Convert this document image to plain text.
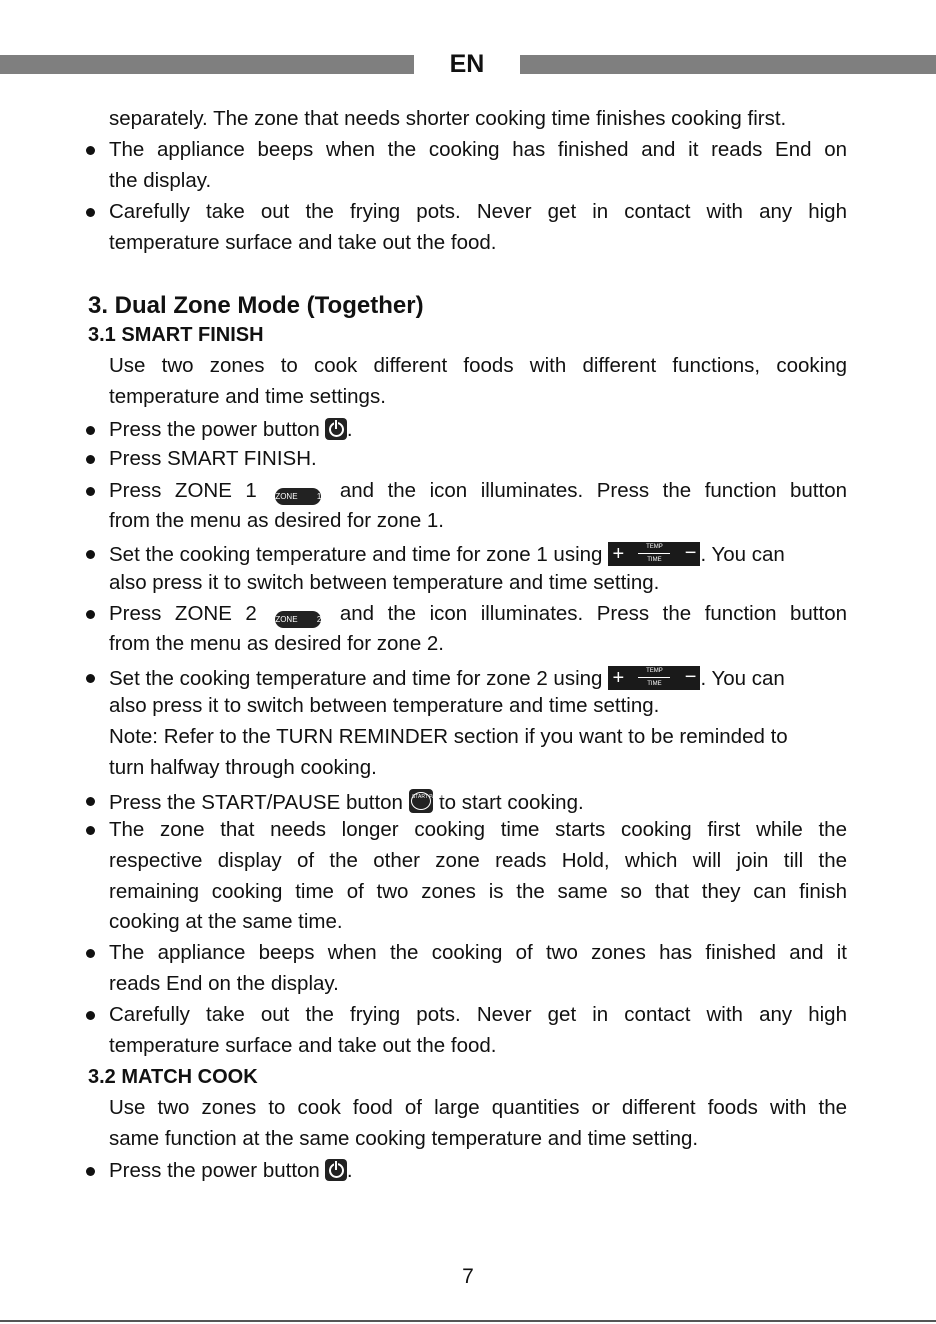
EN
separately. The zone that needs shorter cooking time finishes cooking first.
The appliance beeps when the cooking has finished and it reads End on
the display.
Carefully take out the frying pots. Never get in contact with any high
temperature surface and take out the food.
3. Dual Zone Mode (Together)
3.1 SMART FINISH
Use two zones to cook different foods with different functions, cooking
temperature and time settings.
Press the power button .
Press SMART FINISH.
Press ZONE 1 ZONE 1 and the icon illuminates. Press the function button
from the menu as desired for zone 1.
Set the cooking temperature and time for zone 1 using +	TEMP
TIME	− . You can
also press it to switch between temperature and time setting.
Press ZONE 2 ZONE 2 and the icon illuminates. Press the function button
from the menu as desired for zone 2.
Set the cooking temperature and time for zone 2 using +	TEMP
TIME	− . You can
also press it to switch between temperature and time setting.
Note: Refer to the TURN REMINDER section if you want to be reminded to
turn halfway through cooking.
Press the START/PAUSE button START PAUSE
to start cooking.
The zone that needs longer cooking time starts cooking first while the
respective display of the other zone reads Hold, which will join till the
remaining cooking time of two zones is the same so that they can finish
cooking at the same time.
The appliance beeps when the cooking of two zones has finished and it
reads End on the display.
Carefully take out the frying pots. Never get in contact with any high
temperature surface and take out the food.
3.2 MATCH COOK
Use two zones to cook food of large quantities or different foods with the
same function at the same cooking temperature and time setting.
Press the power button .
7
